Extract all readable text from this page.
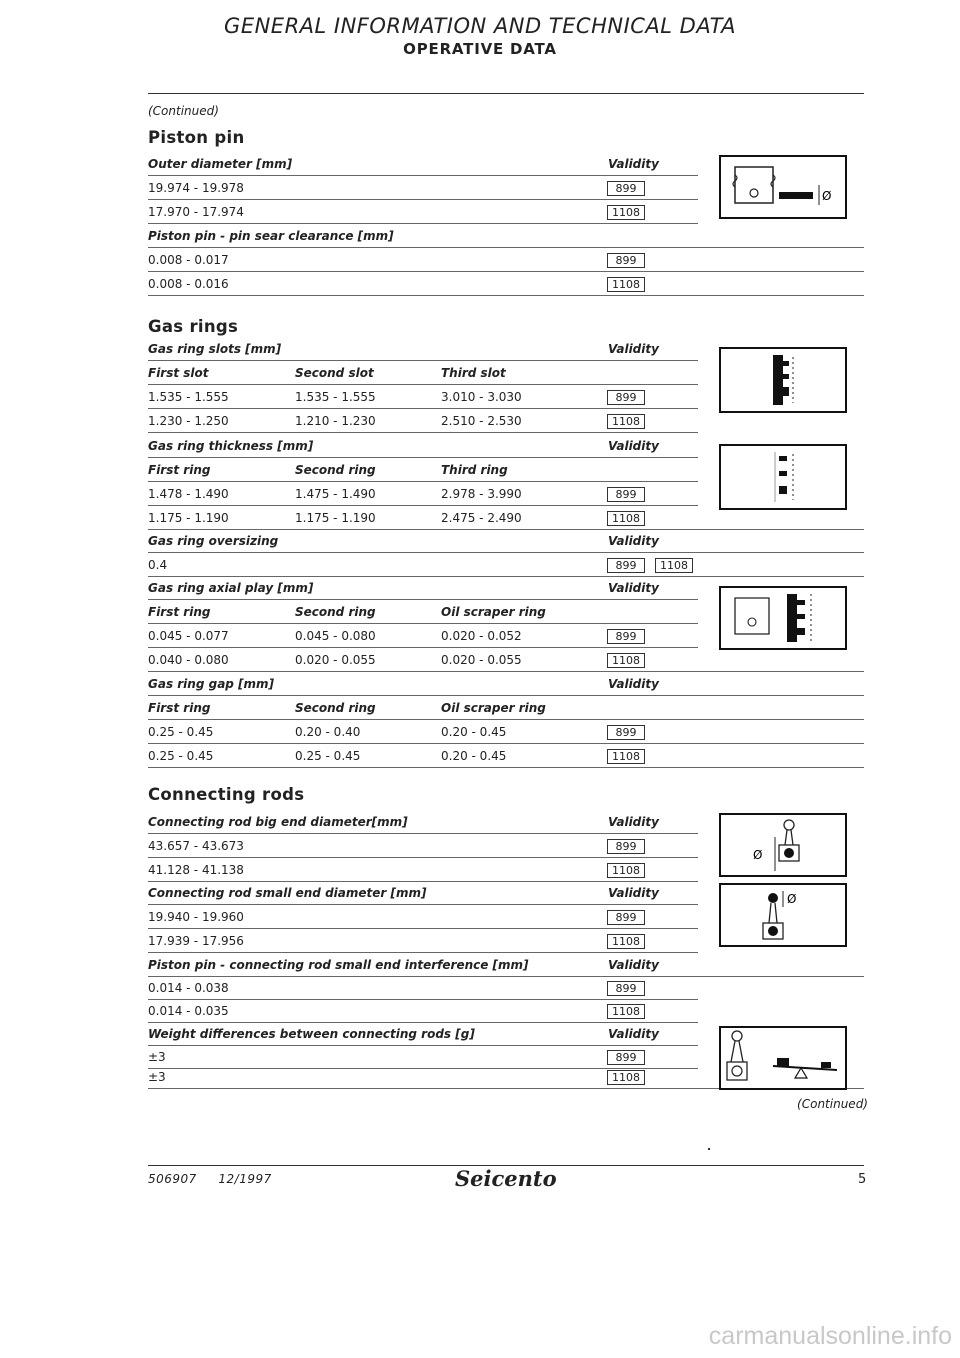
GENERAL INFORMATION AND TECHNICAL DATA
OPERATIVE DATA
(Continued)
Piston pin
Outer diameter [mm]	Validity
19.974 - 19.978	899
17.970 - 17.974	1108
Piston pin - pin sear clearance [mm]
0.008 - 0.017	899
0.008 - 0.016	1108
Ø
Gas rings
Gas ring slots [mm]	Validity
First slot	Second slot	Third slot
1.535 - 1.555	1.535 - 1.555	3.010 - 3.030	899
1.230 - 1.250	1.210 - 1.230	2.510 - 2.530	1108
Gas ring thickness [mm]	Validity
First ring	Second ring	Third ring
1.478 - 1.490	1.475 - 1.490	2.978 - 3.990	899
1.175 - 1.190	1.175 - 1.190	2.475 - 2.490	1108
Gas ring oversizing	Validity
0.4	899	1108
Gas ring axial play [mm]	Validity
First ring	Second ring	Oil scraper ring
0.045 - 0.077	0.045 - 0.080	0.020 - 0.052	899
0.040 - 0.080	0.020 - 0.055	0.020 - 0.055	1108
Gas ring gap [mm]	Validity
First ring	Second ring	Oil scraper ring
0.25 - 0.45	0.20 - 0.40	0.20 - 0.45	899
0.25 - 0.45	0.25 - 0.45	0.20 - 0.45	1108
Connecting rods
Connecting rod big end diameter[mm]	Validity
43.657 - 43.673	899
41.128 - 41.138	1108
Connecting rod small end diameter [mm]	Validity
19.940 - 19.960	899
17.939 - 17.956	1108
Piston pin - connecting rod small end interference [mm]	Validity
0.014 - 0.038	899
0.014 - 0.035	1108
Weight differences between connecting rods [g]	Validity
±3	899
±3	1108
Ø
Ø
(Continued)
506907 12/1997	Seicento	5
carmanualsonline.info
